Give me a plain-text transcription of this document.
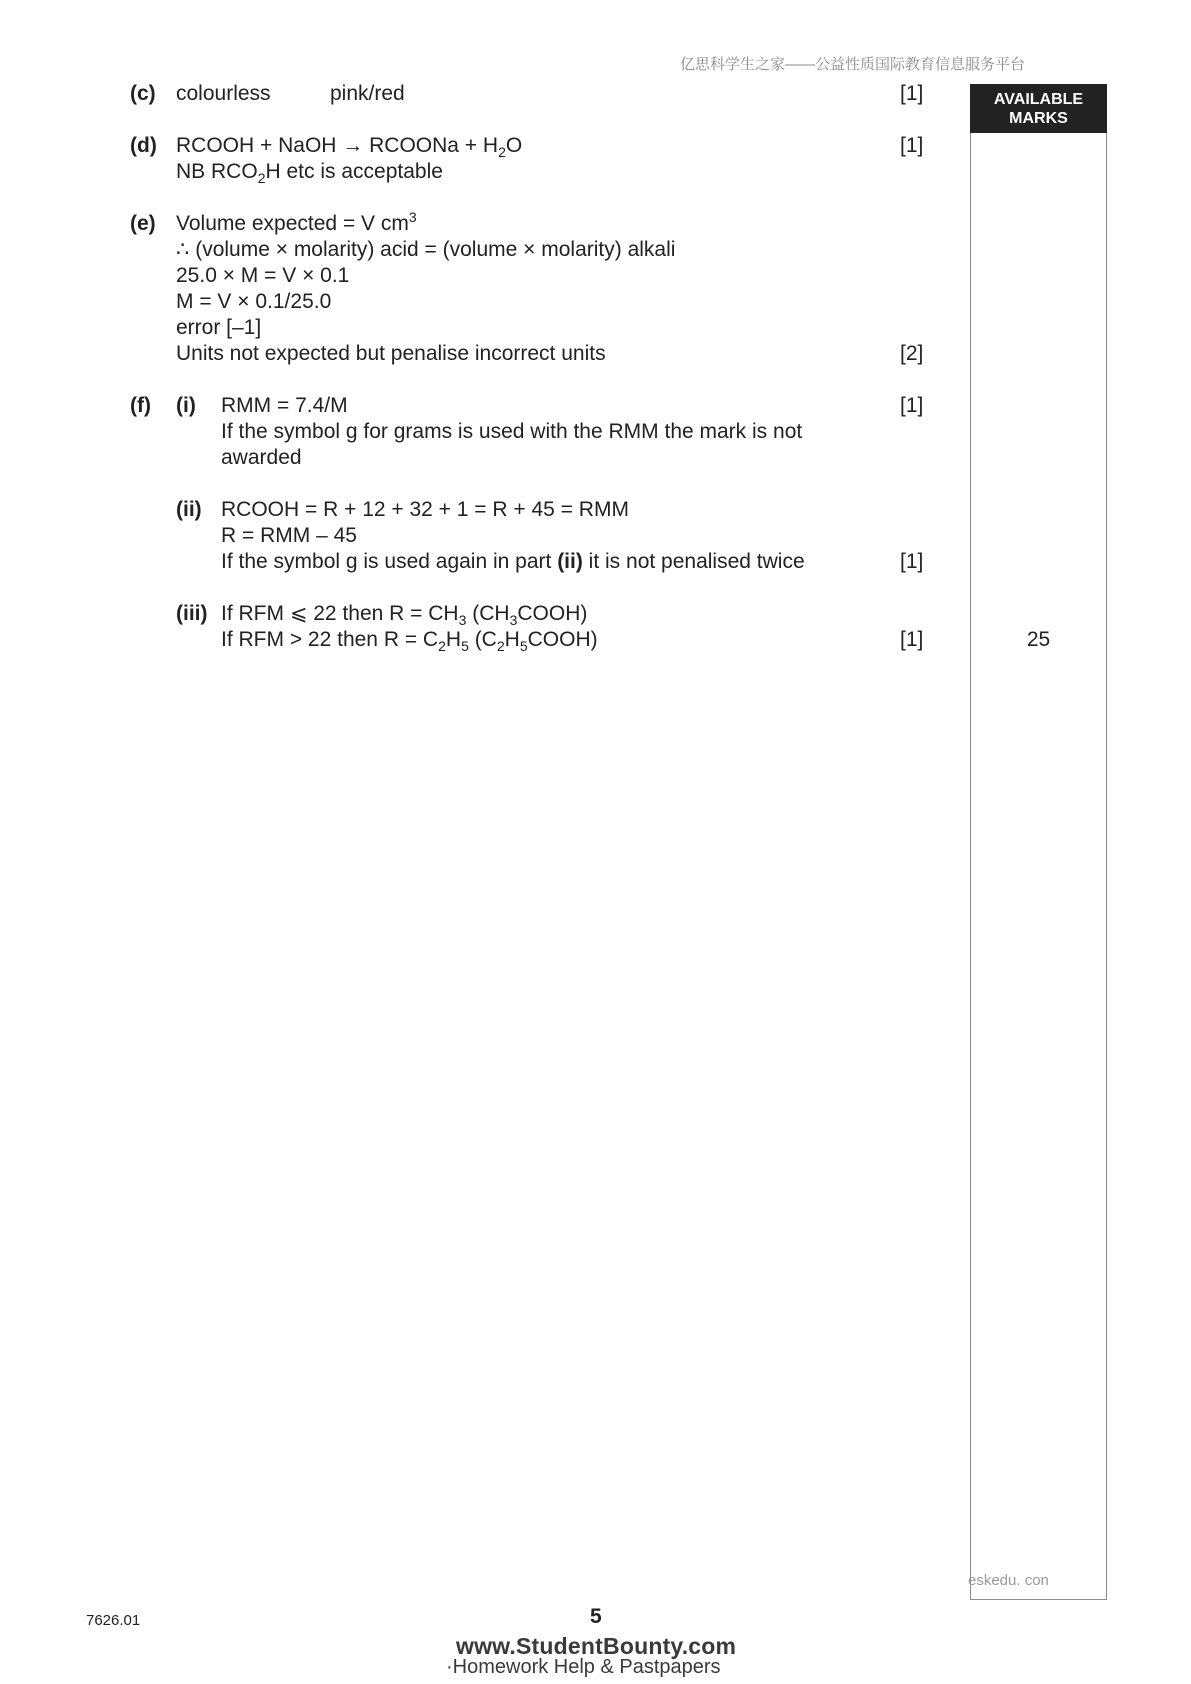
亿思科学生之家——公益性质国际教育信息服务平台
AVAILABLE
MARKS
(c) colourless	pink/red	[1]
(d) RCOOH + NaOH → RCOONa + $H_2O$
NB $RCO_2H$ etc is acceptable
[1]
(e) Volume expected = V $cm^3$
∴ (volume × molarity) acid = (volume × molarity) alkali
25.0 × M = V × 0.1
M = V × 0.1/25.0
error [–1]
Units not expected but penalise incorrect units	[2]
(f) (i) RMM = 7.4/M
If the symbol g for grams is used with the RMM the mark is not
awarded
[1]
(ii) RCOOH = R + 12 + 32 + 1 = R + 45 = RMM
R = RMM – 45
If the symbol g is used again in part (ii) it is not penalised twice	[1]
(iii) If RFM ⩽ 22 then $R = CH_3$ $(CH_3COOH)$
If RFM > 22 then $R = C_2H_5$ $(C_2H_5COOH)$	[1]	25
eskedu. con
7626.01	5
www.StudentBounty.com
·Homework Help & Pastpapers
